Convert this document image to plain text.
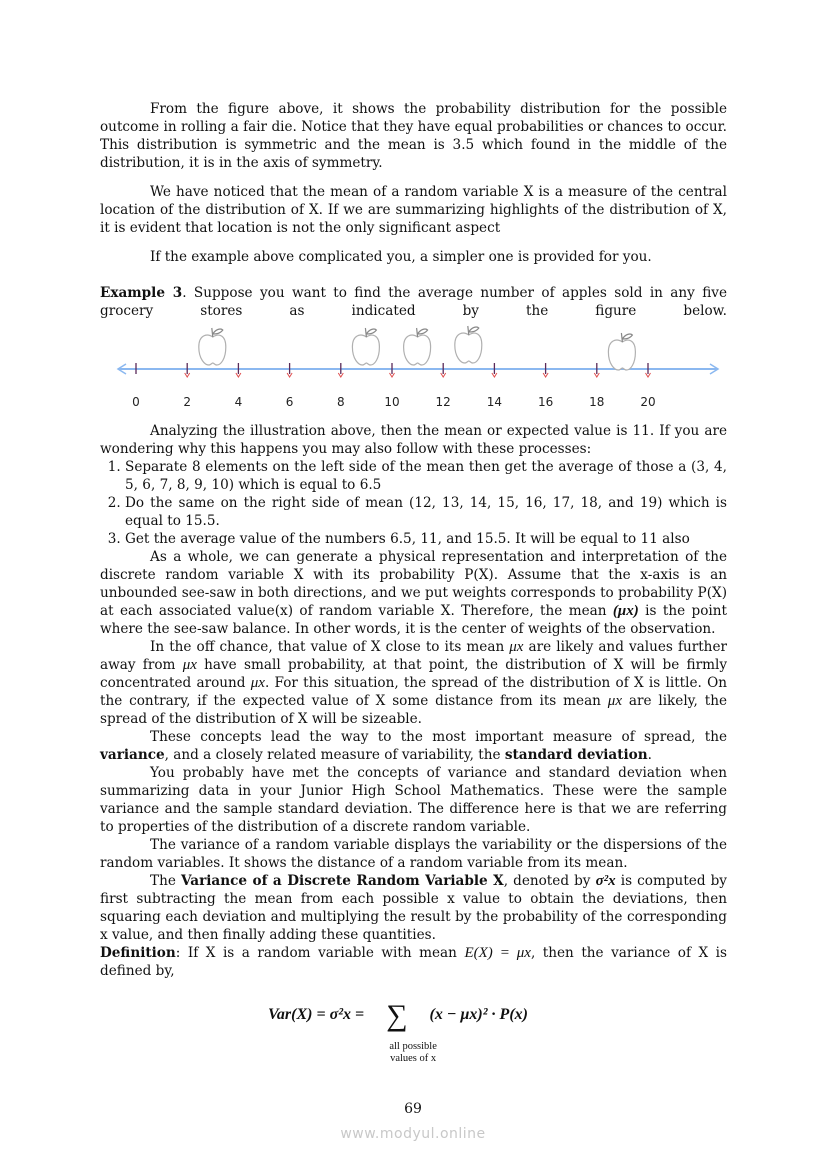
From the figure above, it shows the probability distribution for the possible outcome in rolling a fair die. Notice that they have equal probabilities or chances to occur. This distribution is symmetric and the mean is 3.5 which found in the middle of the distribution, it is in the axis of symmetry.

We have noticed that the mean of a random variable X is a measure of the central location of the distribution of X. If we are summarizing highlights of the distribution of X, it is evident that location is not the only significant aspect

If the example above complicated you, a simpler one is provided for you.

Example 3. Suppose you want to find the average number of apples sold in any five grocery stores as indicated by the figure below.

0	2	4	6	8	10	12	14	16	18	20

Analyzing the illustration above, then the mean or expected value is 11. If you are wondering why this happens you may also follow with these processes:

1. Separate 8 elements on the left side of the mean then get the average of those a (3, 4, 5, 6, 7, 8, 9, 10) which is equal to 6.5
2. Do the same on the right side of mean (12, 13, 14, 15, 16, 17, 18, and 19) which is equal to 15.5.
3. Get the average value of the numbers 6.5, 11, and 15.5. It will be equal to 11 also

As a whole, we can generate a physical representation and interpretation of the discrete random variable X with its probability P(X). Assume that the x-axis is an unbounded see-saw in both directions, and we put weights corresponds to probability P(X) at each associated value(x) of random variable X. Therefore, the mean (μx) is the point where the see-saw balance. In other words, it is the center of weights of the observation.

In the off chance, that value of X close to its mean μx are likely and values further away from μx have small probability, at that point, the distribution of X will be firmly concentrated around μx. For this situation, the spread of the distribution of X is little. On the contrary, if the expected value of X some distance from its mean μx are likely, the spread of the distribution of X will be sizeable.

These concepts lead the way to the most important measure of spread, the variance, and a closely related measure of variability, the standard deviation.

You probably have met the concepts of variance and standard deviation when summarizing data in your Junior High School Mathematics. These were the sample variance and the sample standard deviation. The difference here is that we are referring to properties of the distribution of a discrete random variable.

The variance of a random variable displays the variability or the dispersions of the random variables. It shows the distance of a random variable from its mean.

The Variance of a Discrete Random Variable X, denoted by σ²x is computed by first subtracting the mean from each possible x value to obtain the deviations, then squaring each deviation and multiplying the result by the probability of the corresponding x value, and then finally adding these quantities.

Definition: If X is a random variable with mean E(X) = μx, then the variance of X is defined by,

Var(X) = σ²x = ∑
all possible
values of x
(x − μx)² · P(x)
69
www.modyul.online
